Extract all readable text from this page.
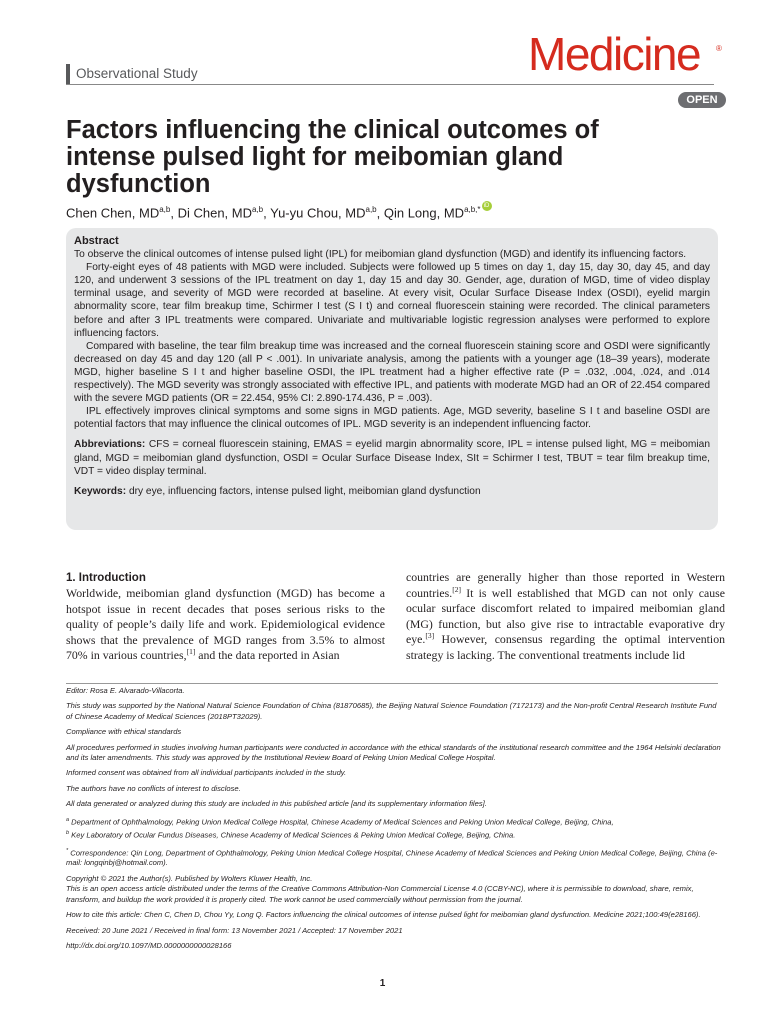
Observational Study	Medicine ®
OPEN
Factors influencing the clinical outcomes of intense pulsed light for meibomian gland dysfunction
Chen Chen, MD$^{a,b}$, Di Chen, MD$^{a,b}$, Yu-yu Chou, MD$^{a,b}$, Qin Long, $MD^{a,b,*}$ iD

Abstract

To observe the clinical outcomes of intense pulsed light (IPL) for meibomian gland dysfunction (MGD) and identify its influencing factors.

Forty-eight eyes of 48 patients with MGD were included. Subjects were followed up 5 times on day 1, day 15, day 30, day 45, and day 120, and underwent 3 sessions of the IPL treatment on day 1, day 15 and day 30. Gender, age, duration of MGD, time of video display terminal usage, and severity of MGD were recorded at baseline. At every visit, Ocular Surface Disease Index (OSDI), eyelid margin abnormality score, tear film breakup time, Schirmer I test (S I t) and corneal fluorescein staining were recorded. The clinical parameters before and after 3 IPL treatments were compared. Univariate and multivariable logistic regression analyses were performed to explore influencing factors.

Compared with baseline, the tear film breakup time was increased and the corneal fluorescein staining score and OSDI were significantly decreased on day 45 and day 120 (all P < .001). In univariate analysis, among the patients with a younger age (18–39 years), moderate MGD, higher baseline S I t and higher baseline OSDI, the IPL treatment had a higher effective rate (P = .032, .004, .024, and .014 respectively). The MGD severity was strongly associated with effective IPL, and patients with moderate MGD had an OR of 22.454 compared with the severe MGD patients (OR = 22.454, 95% CI: 2.890-174.436, P = .003).

IPL effectively improves clinical symptoms and some signs in MGD patients. Age, MGD severity, baseline S I t and baseline OSDI are potential factors that may influence the clinical outcomes of IPL. MGD severity is an independent influencing factor.

Abbreviations: CFS = corneal fluorescein staining, EMAS = eyelid margin abnormality score, IPL = intense pulsed light, MG = meibomian gland, MGD = meibomian gland dysfunction, OSDI = Ocular Surface Disease Index, SIt = Schirmer I test, TBUT = tear film breakup time, VDT = video display terminal.

Keywords: dry eye, influencing factors, intense pulsed light, meibomian gland dysfunction

1. Introduction

Worldwide, meibomian gland dysfunction (MGD) has become a hotspot issue in recent decades that poses serious risks to the quality of people’s daily life and work. Epidemiological evidence shows that the prevalence of MGD ranges from 3.5% to almost 70% in various countries,[1] and the data reported in Asian

countries are generally higher than those reported in Western countries.[2] It is well established that MGD can not only cause ocular surface discomfort related to impaired meibomian gland (MG) function, but also give rise to intractable evaporative dry eye.[3] However, consensus regarding the optimal intervention strategy is lacking. The conventional treatments include lid

Editor: Rosa E. Alvarado-Villacorta.

This study was supported by the National Natural Science Foundation of China (81870685), the Beijing Natural Science Foundation (7172173) and the Non-profit Central Research Institute Fund of Chinese Academy of Medical Sciences (2018PT32029).

Compliance with ethical standards

All procedures performed in studies involving human participants were conducted in accordance with the ethical standards of the institutional research committee and the 1964 Helsinki declaration and its later amendments. This study was approved by the Institutional Review Board of Peking Union Medical College Hospital.

Informed consent was obtained from all individual participants included in the study.

The authors have no conflicts of interest to disclose.

All data generated or analyzed during this study are included in this published article [and its supplementary information files].

$^a$ Department of Ophthalmology, Peking Union Medical College Hospital, Chinese Academy of Medical Sciences and Peking Union Medical College, Beijing, China,

$^b$ Key Laboratory of Ocular Fundus Diseases, Chinese Academy of Medical Sciences & Peking Union Medical College, Beijing, China.

* Correspondence: Qin Long, Department of Ophthalmology, Peking Union Medical College Hospital, Chinese Academy of Medical Sciences and Peking Union Medical College, Beijing, China (e-mail: longqinbj@hotmail.com).

Copyright © 2021 the Author(s). Published by Wolters Kluwer Health, Inc.

This is an open access article distributed under the terms of the Creative Commons Attribution-Non Commercial License 4.0 (CCBY-NC), where it is permissible to download, share, remix, transform, and buildup the work provided it is properly cited. The work cannot be used commercially without permission from the journal.

How to cite this article: Chen C, Chen D, Chou Yy, Long Q. Factors influencing the clinical outcomes of intense pulsed light for meibomian gland dysfunction. Medicine 2021;100:49(e28166).

Received: 20 June 2021 / Received in final form: 13 November 2021 / Accepted: 17 November 2021

http://dx.doi.org/10.1097/MD.0000000000028166

1
